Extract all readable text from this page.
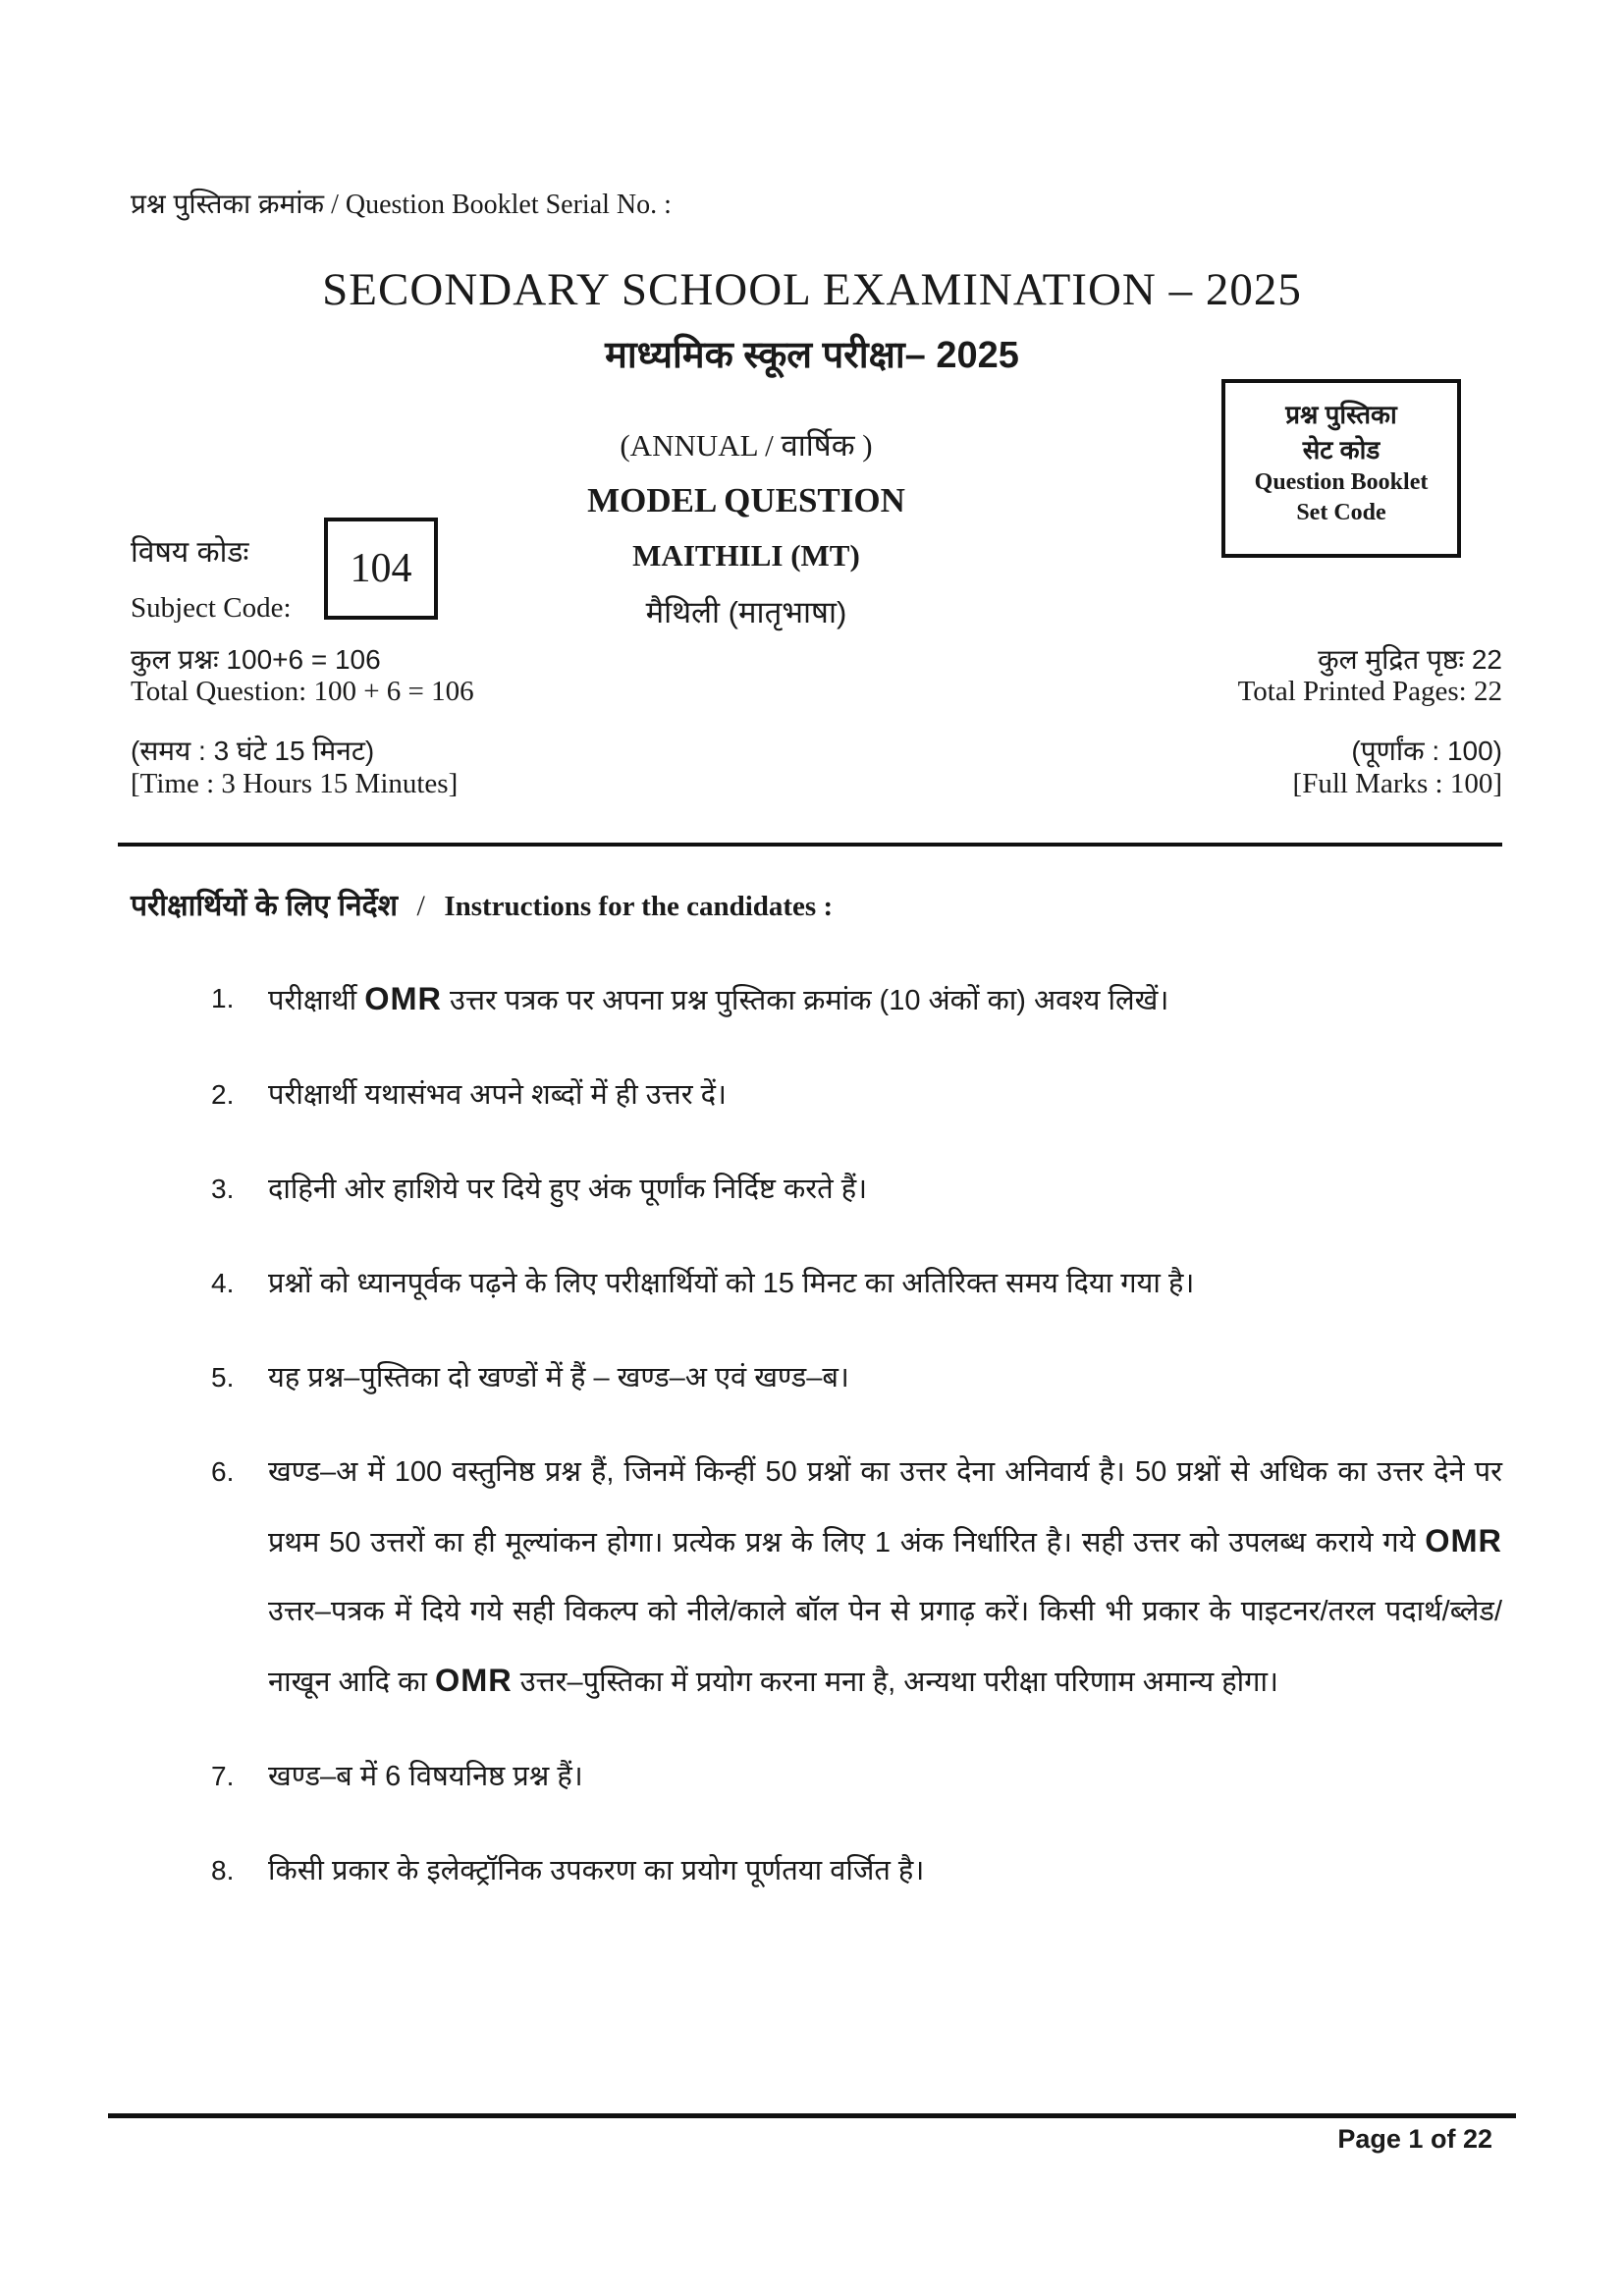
प्रश्न पुस्तिका क्रमांक / Question Booklet Serial No. :
SECONDARY SCHOOL EXAMINATION – 2025
माध्यमिक स्कूल परीक्षा– 2025
(ANNUAL / वार्षिक )
MODEL QUESTION
MAITHILI (MT)
मैथिली (मातृभाषा)
प्रश्न पुस्तिका
सेट कोड
Question Booklet
Set Code
विषय कोडः
Subject Code:
104
कुल प्रश्नः 100+6 = 106	कुल मुद्रित पृष्ठः 22
Total Question: 100 + 6 = 106	Total Printed Pages: 22
(समय : 3 घंटे 15 मिनट)	(पूर्णांक : 100)
[Time : 3 Hours 15 Minutes]	[Full Marks : 100]
परीक्षार्थियों के लिए निर्देश / Instructions for the candidates :
1.	परीक्षार्थी OMR उत्तर पत्रक पर अपना प्रश्न पुस्तिका क्रमांक (10 अंकों का) अवश्य लिखें।
2.	परीक्षार्थी यथासंभव अपने शब्दों में ही उत्तर दें।
3.	दाहिनी ओर हाशिये पर दिये हुए अंक पूर्णांक निर्दिष्ट करते हैं।
4.	प्रश्नों को ध्यानपूर्वक पढ़ने के लिए परीक्षार्थियों को 15 मिनट का अतिरिक्त समय दिया गया है।
5.	यह प्रश्न–पुस्तिका दो खण्डों में हैं – खण्ड–अ एवं खण्ड–ब।
6.	खण्ड–अ में 100 वस्तुनिष्ठ प्रश्न हैं, जिनमें किन्हीं 50 प्रश्नों का उत्तर देना अनिवार्य है। 50 प्रश्नों से अधिक का उत्तर देने पर प्रथम 50 उत्तरों का ही मूल्यांकन होगा। प्रत्येक प्रश्न के लिए 1 अंक निर्धारित है। सही उत्तर को उपलब्ध कराये गये OMR उत्तर–पत्रक में दिये गये सही विकल्प को नीले/काले बॉल पेन से प्रगाढ़ करें। किसी भी प्रकार के पाइटनर/तरल पदार्थ/ब्लेड/नाखून आदि का OMR उत्तर–पुस्तिका में प्रयोग करना मना है, अन्यथा परीक्षा परिणाम अमान्य होगा।
7.	खण्ड–ब में 6 विषयनिष्ठ प्रश्न हैं।
8.	किसी प्रकार के इलेक्ट्रॉनिक उपकरण का प्रयोग पूर्णतया वर्जित है।
Page 1 of 22
